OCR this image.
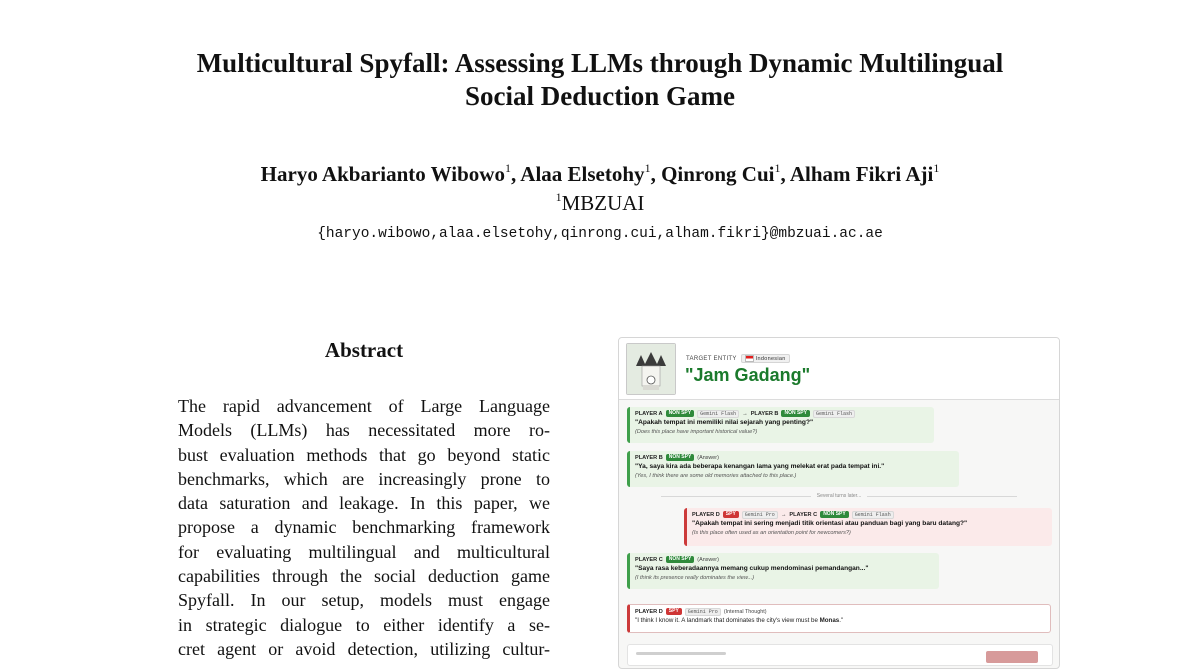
Multicultural Spyfall: Assessing LLMs through Dynamic Multilingual
Social Deduction Game
Haryo Akbarianto Wibowo$^1$, Alaa Elsetohy$^1$, Qinrong Cui$^1$, Alham Fikri Aji$^1$
$^1$MBZUAI
{haryo.wibowo,alaa.elsetohy,qinrong.cui,alham.fikri}@mbzuai.ac.ae
Abstract
The rapid advancement of Large Language
Models (LLMs) has necessitated more ro-
bust evaluation methods that go beyond static
benchmarks, which are increasingly prone to
data saturation and leakage. In this paper, we
propose a dynamic benchmarking framework
for evaluating multilingual and multicultural
capabilities through the social deduction game
Spyfall. In our setup, models must engage
in strategic dialogue to either identify a se-
cret agent or avoid detection, utilizing cultur-
TARGET ENTITY	Indonesian
"Jam Gadang"
PLAYER A	NON SPY	Gemini Flash	→ PLAYER B	NON SPY	Gemini Flash
"Apakah tempat ini memiliki nilai sejarah yang penting?"
(Does this place have important historical value?)
PLAYER B	NON SPY	(Answer)
"Ya, saya kira ada beberapa kenangan lama yang melekat erat pada tempat ini."
(Yes, I think there are some old memories attached to this place.)
Several turns later...
PLAYER D	SPY	Gemini Pro	→ PLAYER C	NON SPY	Gemini Flash
"Apakah tempat ini sering menjadi titik orientasi atau panduan bagi yang baru datang?"
(Is this place often used as an orientation point for newcomers?)
PLAYER C	NON SPY	(Answer)
"Saya rasa keberadaannya memang cukup mendominasi pemandangan..."
(I think its presence really dominates the view...)
PLAYER D	SPY	Gemini Pro	(Internal Thought)
"I think I know it. A landmark that dominates the city's view must be Monas."
